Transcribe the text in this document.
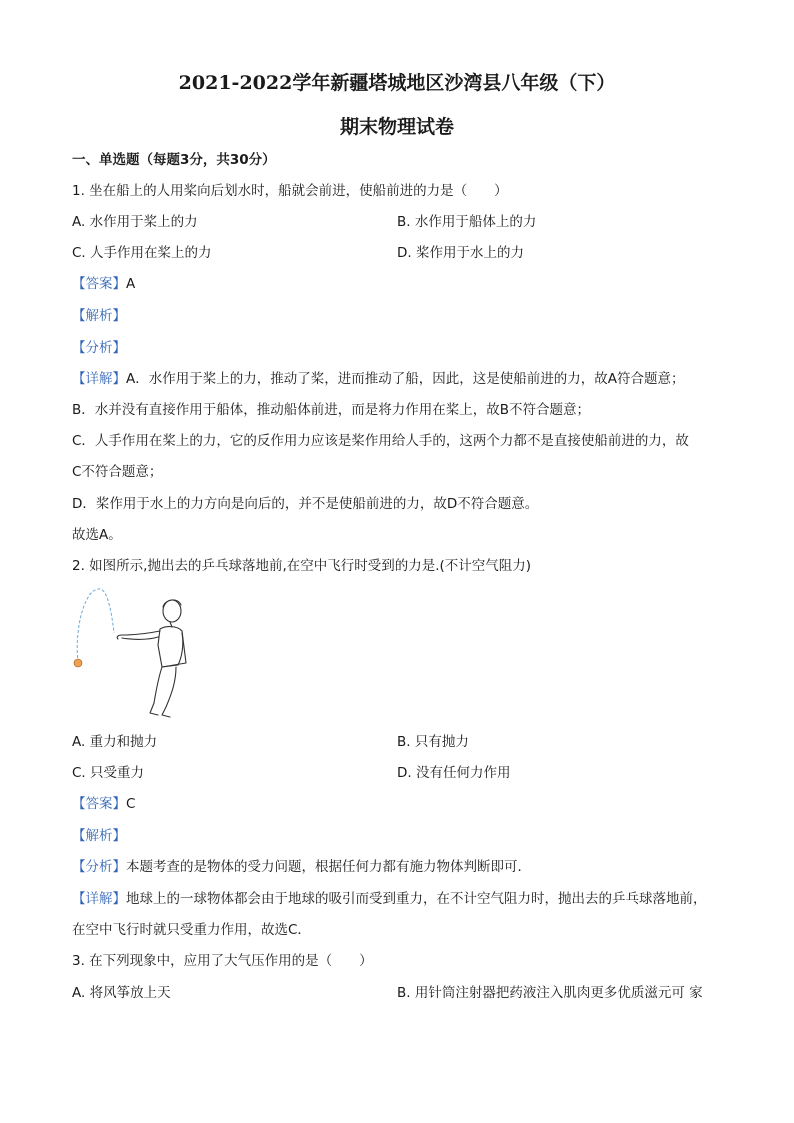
2021-2022学年新疆塔城地区沙湾县八年级（下）
期末物理试卷
一、单选题（每题3分，共30分）
1. 坐在船上的人用桨向后划水时，船就会前进，使船前进的力是（　　）
A. 水作用于桨上的力	B. 水作用于船体上的力
C. 人手作用在桨上的力	D. 桨作用于水上的力
【答案】A
【解析】
【分析】
【详解】A．水作用于桨上的力，推动了桨，进而推动了船，因此，这是使船前进的力，故A符合题意；
B．水并没有直接作用于船体，推动船体前进，而是将力作用在桨上，故B不符合题意；
C．人手作用在桨上的力，它的反作用力应该是桨作用给人手的，这两个力都不是直接使船前进的力，故
C不符合题意；
D．桨作用于水上的力方向是向后的，并不是使船前进的力，故D不符合题意。
故选A。
2. 如图所示,抛出去的乒乓球落地前,在空中飞行时受到的力是.(不计空气阻力)
A. 重力和抛力	B. 只有抛力
C. 只受重力	D. 没有任何力作用
【答案】C
【解析】
【分析】本题考查的是物体的受力问题，根据任何力都有施力物体判断即可．
【详解】地球上的一球物体都会由于地球的吸引而受到重力，在不计空气阻力时，抛出去的乒乓球落地前，
在空中飞行时就只受重力作用，故选C．
3. 在下列现象中，应用了大气压作用的是（　　）
A. 将风筝放上天	B. 用针筒注射器把药液注入肌肉更多优质滋元可 家
